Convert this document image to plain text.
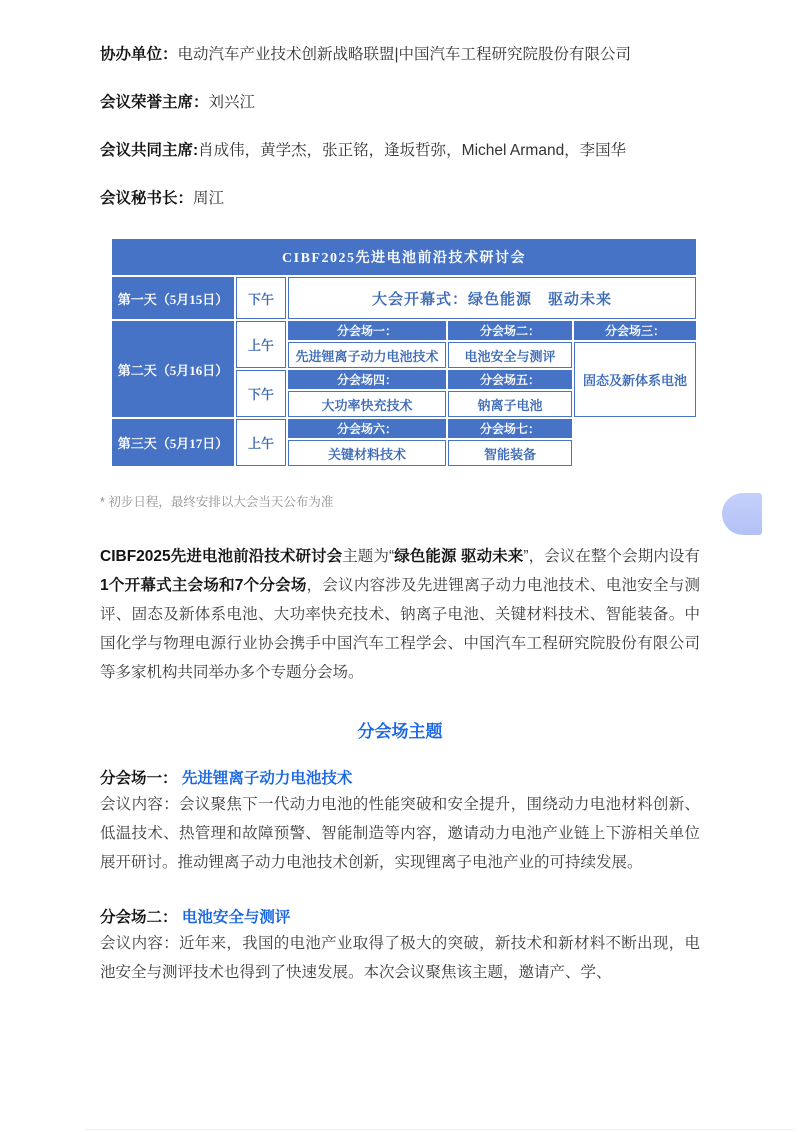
协办单位：电动汽车产业技术创新战略联盟|中国汽车工程研究院股份有限公司
会议荣誉主席：刘兴江
会议共同主席:肖成伟，黄学杰，张正铭，逢坂哲弥，Michel Armand，李国华
会议秘书长：周江
CIBF2025先进电池前沿技术研讨会				
第一天（5月15日）	下午	大会开幕式：绿色能源　驱动未来		
第二天（5月16日）	上午	分会场一：	分会场二：	分会场三：
		先进锂离子动力电池技术	电池安全与测评	固态及新体系电池
	下午	分会场四：	分会场五：	
		大功率快充技术	钠离子电池	
第三天（5月17日）	上午	分会场六：	分会场七：	
		关键材料技术	智能装备	
* 初步日程，最终安排以大会当天公布为准

CIBF2025先进电池前沿技术研讨会主题为“绿色能源 驱动未来”，会议在整个会期内设有1个开幕式主会场和7个分会场，会议内容涉及先进锂离子动力电池技术、电池安全与测评、固态及新体系电池、大功率快充技术、钠离子电池、关键材料技术、智能装备。中国化学与物理电源行业协会携手中国汽车工程学会、中国汽车工程研究院股份有限公司等多家机构共同举办多个专题分会场。

分会场主题
分会场一： 先进锂离子动力电池技术

会议内容：会议聚焦下一代动力电池的性能突破和安全提升，围绕动力电池材料创新、低温技术、热管理和故障预警、智能制造等内容，邀请动力电池产业链上下游相关单位展开研讨。推动锂离子动力电池技术创新，实现锂离子电池产业的可持续发展。

分会场二： 电池安全与测评

会议内容：近年来，我国的电池产业取得了极大的突破，新技术和新材料不断出现，电池安全与测评技术也得到了快速发展。本次会议聚焦该主题，邀请产、学、
